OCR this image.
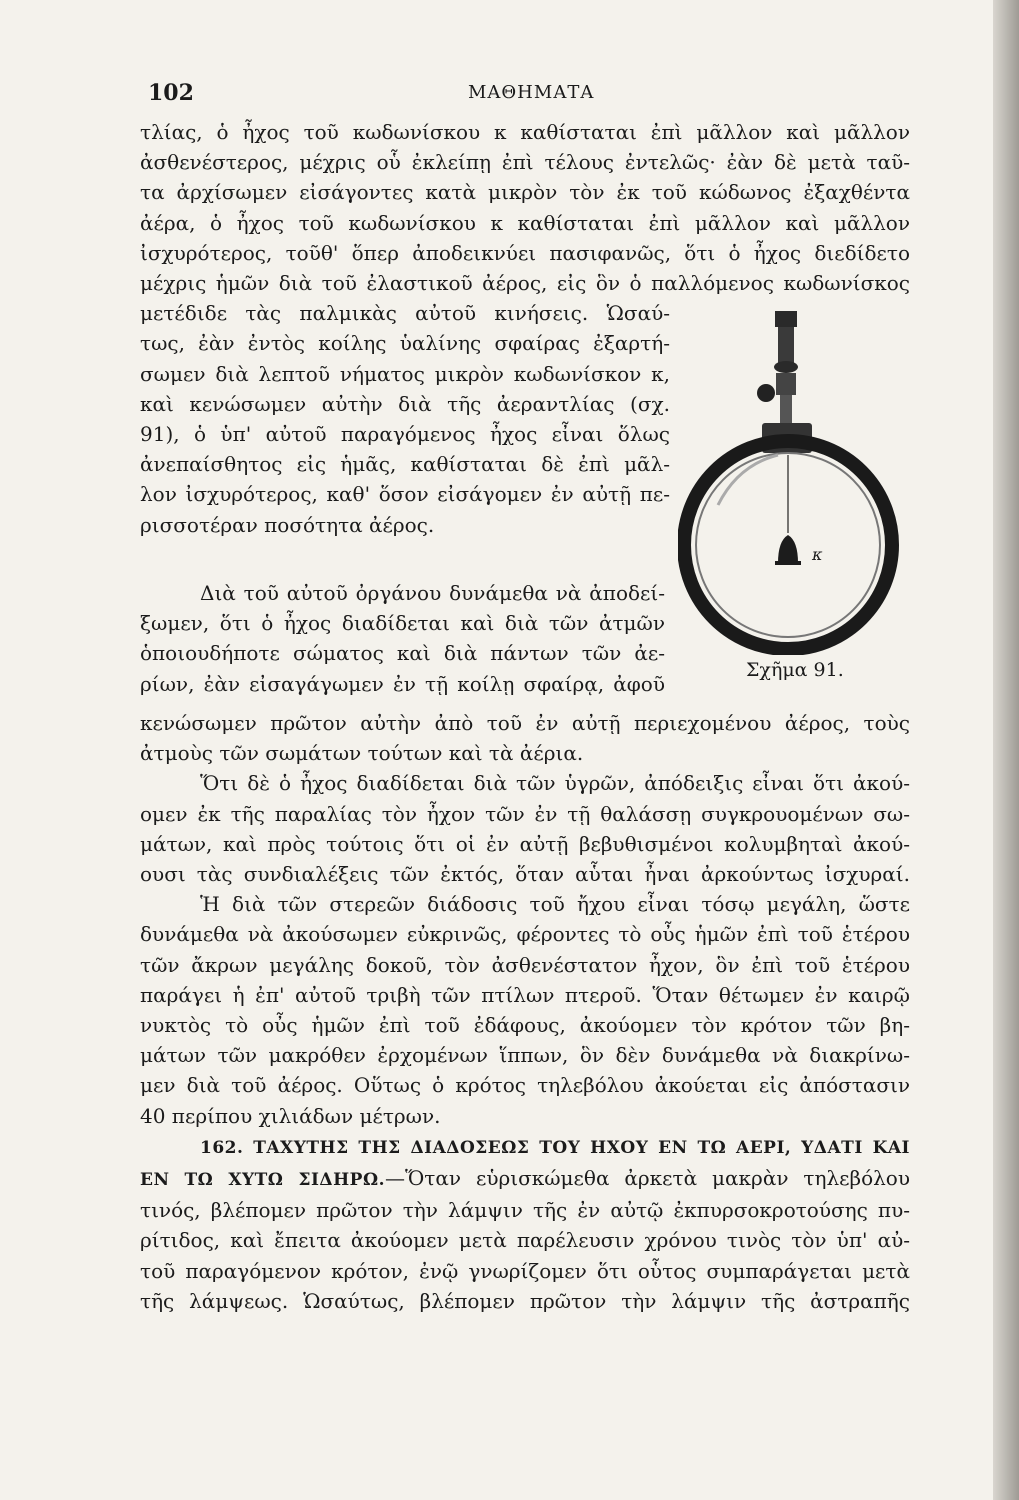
102	ΜΑΘΗΜΑΤΑ
τλίας, ὁ ἦχος τοῦ κωδωνίσκου κ καθίσταται ἐπὶ μᾶλλον καὶ μᾶλλον
ἀσθενέστερος, μέχρις οὗ ἐκλείπῃ ἐπὶ τέλους ἐντελῶς· ἐὰν δὲ μετὰ ταῦ-
τα ἀρχίσωμεν εἰσάγοντες κατὰ μικρὸν τὸν ἐκ τοῦ κώδωνος ἐξαχθέντα
ἀέρα, ὁ ἦχος τοῦ κωδωνίσκου κ καθίσταται ἐπὶ μᾶλλον καὶ μᾶλλον
ἰσχυρότερος, τοῦθ' ὅπερ ἀποδεικνύει πασιφανῶς, ὅτι ὁ ἦχος διεδίδετο
μέχρις ἡμῶν διὰ τοῦ ἐλαστικοῦ ἀέρος, εἰς ὃν ὁ παλλόμενος κωδωνίσκος
μετέδιδε τὰς παλμικὰς αὐτοῦ κινήσεις. Ὡσαύ-
τως, ἐὰν ἐντὸς κοίλης ὑαλίνης σφαίρας ἐξαρτή-
σωμεν διὰ λεπτοῦ νήματος μικρὸν κωδωνίσκον κ,
καὶ κενώσωμεν αὐτὴν διὰ τῆς ἀεραντλίας (σχ.
91), ὁ ὑπ' αὐτοῦ παραγόμενος ἦχος εἶναι ὅλως
ἀνεπαίσθητος εἰς ἡμᾶς, καθίσταται δὲ ἐπὶ μᾶλ-
λον ἰσχυρότερος, καθ' ὅσον εἰσάγομεν ἐν αὐτῇ πε-
ρισσοτέραν ποσότητα ἀέρος.
Διὰ τοῦ αὐτοῦ ὀργάνου δυνάμεθα νὰ ἀποδεί-
ξωμεν, ὅτι ὁ ἦχος διαδίδεται καὶ διὰ τῶν ἀτμῶν
ὁποιουδήποτε σώματος καὶ διὰ πάντων τῶν ἀε-
ρίων, ἐὰν εἰσαγάγωμεν ἐν τῇ κοίλῃ σφαίρᾳ, ἀφοῦ
κενώσωμεν πρῶτον αὐτὴν ἀπὸ τοῦ ἐν αὐτῇ περιεχομένου ἀέρος, τοὺς
ἀτμοὺς τῶν σωμάτων τούτων καὶ τὰ ἀέρια.
Ὅτι δὲ ὁ ἦχος διαδίδεται διὰ τῶν ὑγρῶν, ἀπόδειξις εἶναι ὅτι ἀκού-
ομεν ἐκ τῆς παραλίας τὸν ἦχον τῶν ἐν τῇ θαλάσσῃ συγκρουομένων σω-
μάτων, καὶ πρὸς τούτοις ὅτι οἱ ἐν αὐτῇ βεβυθισμένοι κολυμβηταὶ ἀκού-
ουσι τὰς συνδιαλέξεις τῶν ἐκτός, ὅταν αὗται ἦναι ἀρκούντως ἰσχυραί.
Ἡ διὰ τῶν στερεῶν διάδοσις τοῦ ἤχου εἶναι τόσῳ μεγάλη, ὥστε
δυνάμεθα νὰ ἀκούσωμεν εὐκρινῶς, φέροντες τὸ οὖς ἡμῶν ἐπὶ τοῦ ἑτέρου
τῶν ἄκρων μεγάλης δοκοῦ, τὸν ἀσθενέστατον ἦχον, ὃν ἐπὶ τοῦ ἑτέρου
παράγει ἡ ἐπ' αὐτοῦ τριβὴ τῶν πτίλων πτεροῦ. Ὅταν θέτωμεν ἐν καιρῷ
νυκτὸς τὸ οὖς ἡμῶν ἐπὶ τοῦ ἐδάφους, ἀκούομεν τὸν κρότον τῶν βη-
μάτων τῶν μακρόθεν ἐρχομένων ἵππων, ὃν δὲν δυνάμεθα νὰ διακρίνω-
μεν διὰ τοῦ ἀέρος. Οὕτως ὁ κρότος τηλεβόλου ἀκούεται εἰς ἀπόστασιν
40 περίπου χιλιάδων μέτρων.
162. ΤΑΧΥΤΗΣ ΤΗΣ ΔΙΑΔΟΣΕΩΣ ΤΟΥ ΗΧΟΥ ΕΝ ΤΩ ΑΕΡΙ, ΥΔΑΤΙ ΚΑΙ
ΕΝ ΤΩ ΧΥΤΩ ΣΙΔΗΡΩ.—Ὅταν εὑρισκώμεθα ἀρκετὰ μακρὰν τηλεβόλου
τινός, βλέπομεν πρῶτον τὴν λάμψιν τῆς ἐν αὐτῷ ἐκπυρσοκροτούσης πυ-
ρίτιδος, καὶ ἔπειτα ἀκούομεν μετὰ παρέλευσιν χρόνου τινὸς τὸν ὑπ' αὐ-
τοῦ παραγόμενον κρότον, ἐνῷ γνωρίζομεν ὅτι οὗτος συμπαράγεται μετὰ
τῆς λάμψεως. Ὡσαύτως, βλέπομεν πρῶτον τὴν λάμψιν τῆς ἀστραπῆς
κ
Σχῆμα 91.
